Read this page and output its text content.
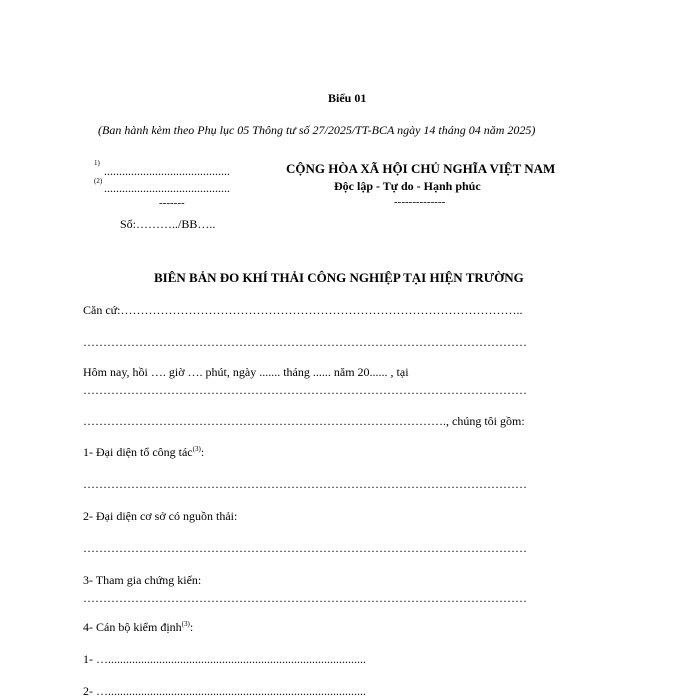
Biểu 01
(Ban hành kèm theo Phụ lục 05 Thông tư số 27/2025/TT-BCA ngày 14 tháng 04 năm 2025)
1)
..........................................
(2) ..........................................
-------
Số:………../BB…..
CỘNG HÒA XÃ HỘI CHỦ NGHĨA VIỆT NAM
Độc lập - Tự do - Hạnh phúc
--------------
BIÊN BẢN ĐO KHÍ THẢI CÔNG NGHIỆP TẠI HIỆN TRƯỜNG
Căn cứ:………………………………………………………………………………………..
…………………………………………………………………………………………………
Hôm nay, hồi …. giờ …. phút, ngày ....... tháng ...... năm 20...... , tại
…………………………………………………………………………………………………
………………………………………………………………………………., chúng tôi gồm:
1- Đại diện tổ công tác$^{(3)}$:
…………………………………………………………………………………………………
2- Đại diện cơ sở có nguồn thải:
…………………………………………………………………………………………………
3- Tham gia chứng kiến:
…………………………………………………………………………………………………
4- Cán bộ kiểm định$^{(3)}$:
1- …......................................................................................
2- …......................................................................................
